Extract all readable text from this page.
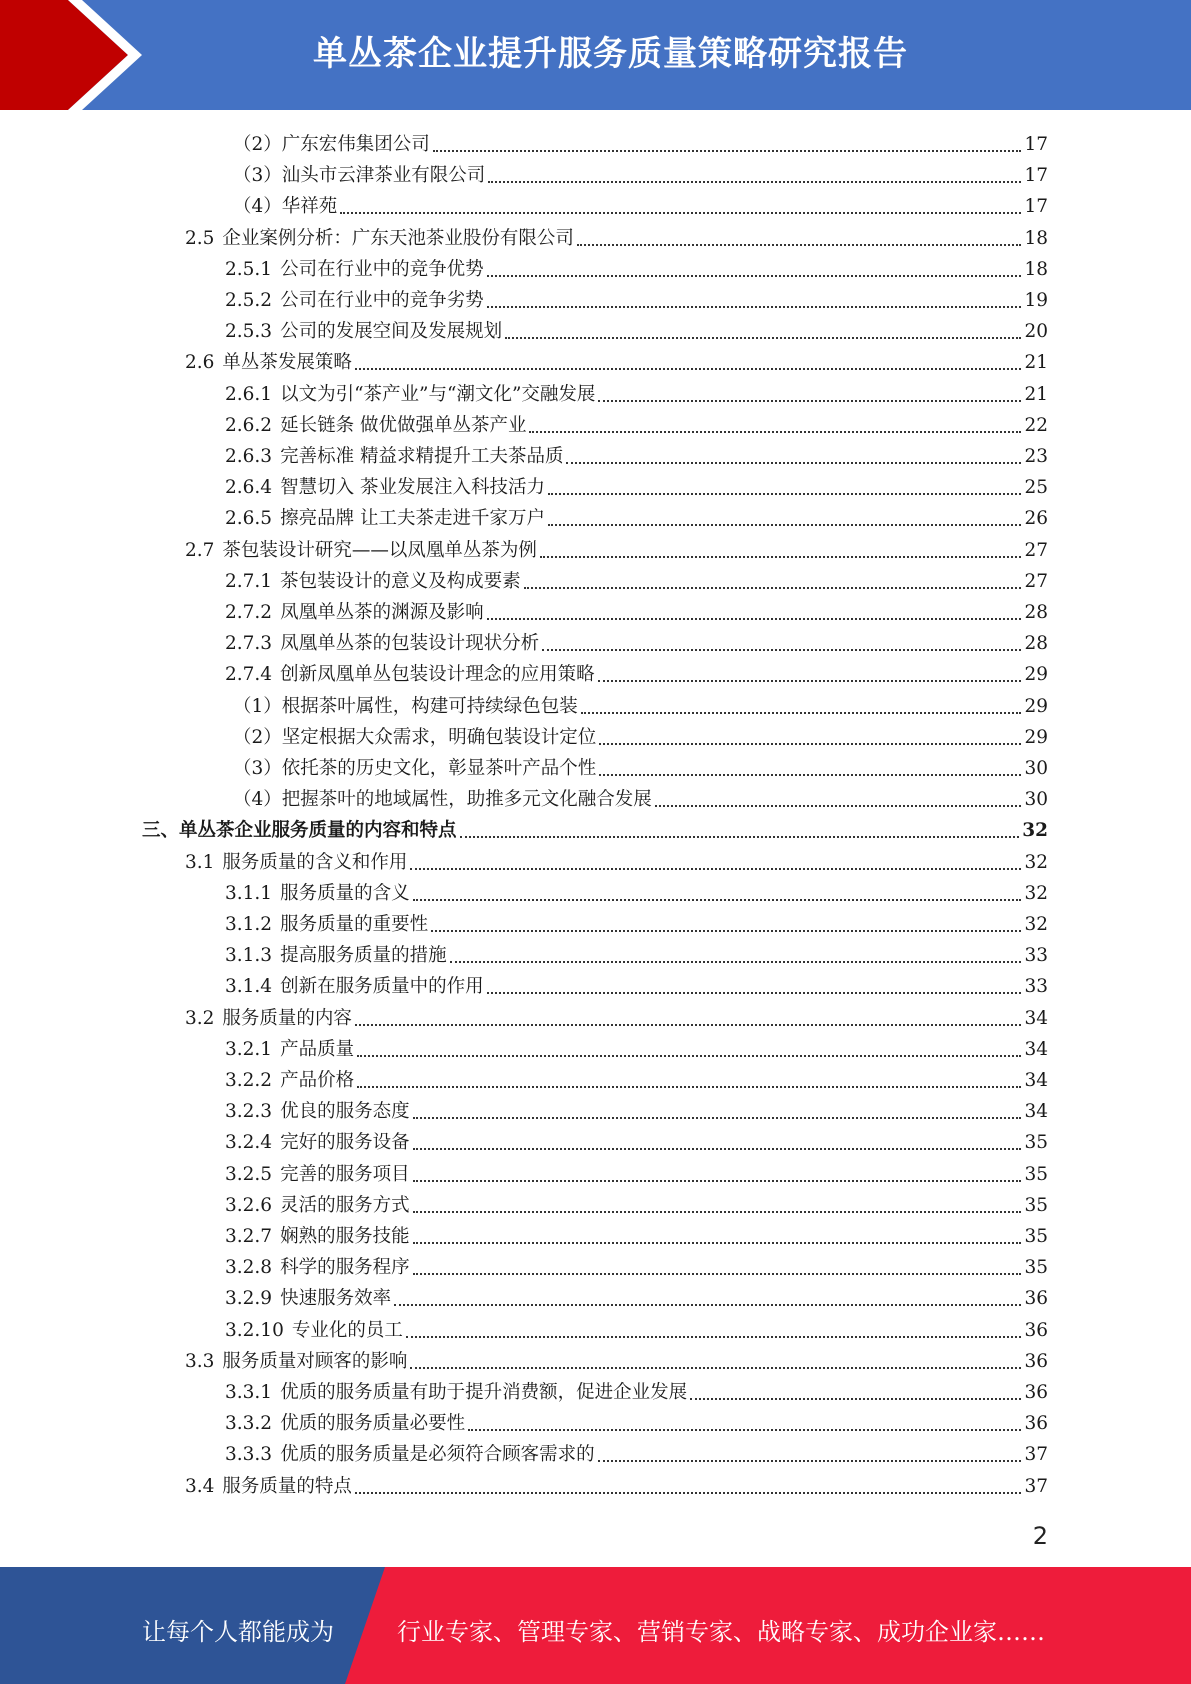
单丛茶企业提升服务质量策略研究报告
（2）广东宏伟集团公司	17
（3）汕头市云津茶业有限公司	17
（4）华祥苑	17
2.5 企业案例分析：广东天池茶业股份有限公司	18
2.5.1 公司在行业中的竞争优势	18
2.5.2 公司在行业中的竞争劣势	19
2.5.3 公司的发展空间及发展规划	20
2.6 单丛茶发展策略	21
2.6.1 以文为引“茶产业”与“潮文化”交融发展	21
2.6.2 延长链条 做优做强单丛茶产业	22
2.6.3 完善标准 精益求精提升工夫茶品质	23
2.6.4 智慧切入 茶业发展注入科技活力	25
2.6.5 擦亮品牌 让工夫茶走进千家万户	26
2.7 茶包装设计研究——以凤凰单丛茶为例	27
2.7.1 茶包装设计的意义及构成要素	27
2.7.2 凤凰单丛茶的渊源及影响	28
2.7.3 凤凰单丛茶的包装设计现状分析	28
2.7.4 创新凤凰单丛包装设计理念的应用策略	29
（1）根据茶叶属性，构建可持续绿色包装	29
（2）坚定根据大众需求，明确包装设计定位	29
（3）依托茶的历史文化，彰显茶叶产品个性	30
（4）把握茶叶的地域属性，助推多元文化融合发展	30
三、单丛茶企业服务质量的内容和特点	32
3.1 服务质量的含义和作用	32
3.1.1 服务质量的含义	32
3.1.2 服务质量的重要性	32
3.1.3 提高服务质量的措施	33
3.1.4 创新在服务质量中的作用	33
3.2 服务质量的内容	34
3.2.1 产品质量	34
3.2.2 产品价格	34
3.2.3 优良的服务态度	34
3.2.4 完好的服务设备	35
3.2.5 完善的服务项目	35
3.2.6 灵活的服务方式	35
3.2.7 娴熟的服务技能	35
3.2.8 科学的服务程序	35
3.2.9 快速服务效率	36
3.2.10 专业化的员工	36
3.3 服务质量对顾客的影响	36
3.3.1 优质的服务质量有助于提升消费额，促进企业发展	36
3.3.2 优质的服务质量必要性	36
3.3.3 优质的服务质量是必须符合顾客需求的	37
3.4 服务质量的特点	37
2
让每个人都能成为	行业专家、管理专家、营销专家、战略专家、成功企业家……
